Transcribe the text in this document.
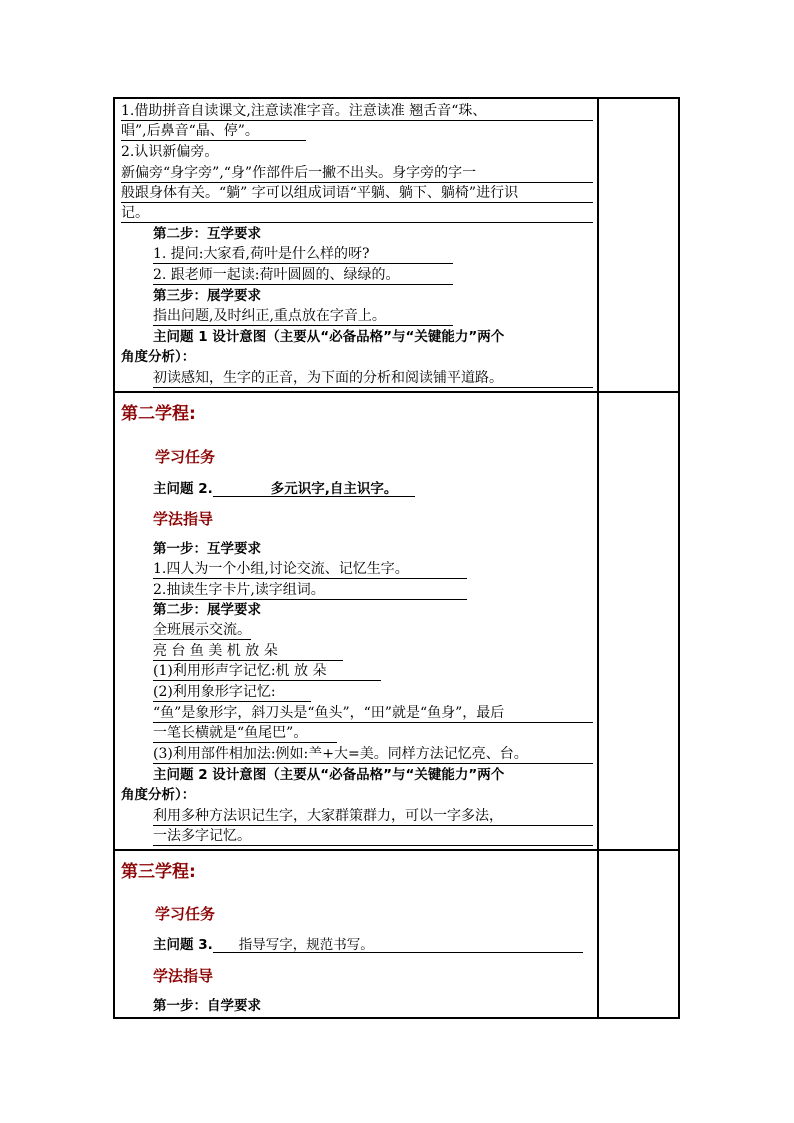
1.借助拼音自读课文,注意读准字音。注意读准 翘舌音“珠、
唱”,后鼻音“晶、停”。
2.认识新偏旁。
新偏旁“身字旁”,“身”作部件后一撇不出头。身字旁的字一
般跟身体有关。“躺” 字可以组成词语“平躺、躺下、躺椅”进行识
记。
第二步：互学要求
1. 提问:大家看,荷叶是什么样的呀?
2. 跟老师一起读:荷叶圆圆的、绿绿的。
第三步：展学要求
指出问题,及时纠正,重点放在字音上。
主问题 1 设计意图（主要从“必备品格”与“关键能力”两个
角度分析）：
初读感知，生字的正音，为下面的分析和阅读铺平道路。
第二学程:
学习任务
主问题 2.	多元识字,自主识字。
学法指导
第一步：互学要求
1.四人为一个小组,讨论交流、记忆生字。
2.抽读生字卡片,读字组词。
第二步：展学要求
全班展示交流。
亮 台 鱼 美 机 放 朵
(1)利用形声字记忆:机 放 朵
(2)利用象形字记忆:
“鱼”是象形字，斜刀头是“鱼头”，“田”就是“鱼身”，最后
一笔长横就是“鱼尾巴”。
(3)利用部件相加法:例如:⺷+大=美。同样方法记忆亮、台。
主问题 2 设计意图（主要从“必备品格”与“关键能力”两个
角度分析）：
利用多种方法识记生字，大家群策群力，可以一字多法，
一法多字记忆。
第三学程:
学习任务
主问题 3. 指导写字，规范书写。
学法指导
第一步：自学要求
